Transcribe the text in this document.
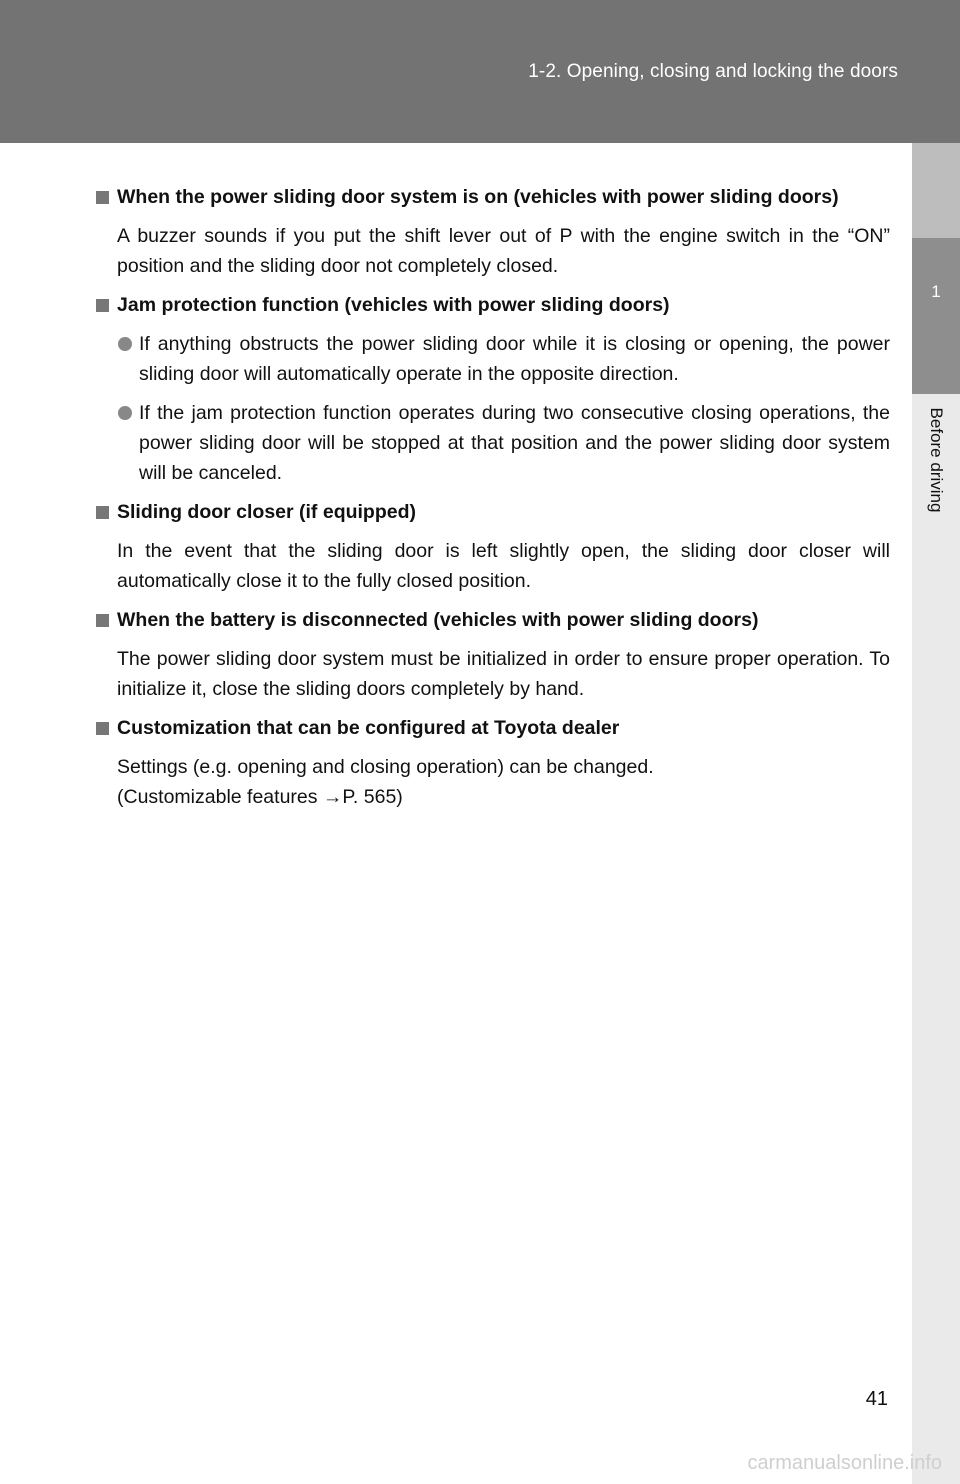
1-2. Opening, closing and locking the doors
1
Before driving
When the power sliding door system is on (vehicles with power sliding doors)
A buzzer sounds if you put the shift lever out of P with the engine switch in the “ON” position and the sliding door not completely closed.
Jam protection function (vehicles with power sliding doors)
If anything obstructs the power sliding door while it is closing or opening, the power sliding door will automatically operate in the opposite direction.
If the jam protection function operates during two consecutive closing operations, the power sliding door will be stopped at that position and the power sliding door system will be canceled.
Sliding door closer (if equipped)
In the event that the sliding door is left slightly open, the sliding door closer will automatically close it to the fully closed position.
When the battery is disconnected (vehicles with power sliding doors)
The power sliding door system must be initialized in order to ensure proper operation. To initialize it, close the sliding doors completely by hand.
Customization that can be configured at Toyota dealer
Settings (e.g. opening and closing operation) can be changed.
(Customizable features →P. 565)
41
carmanualsonline.info
